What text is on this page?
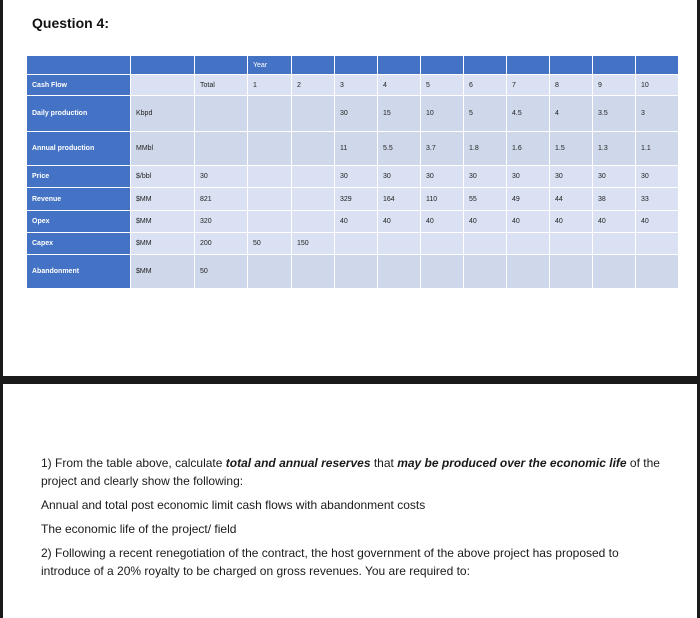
Question 4:
			Year									
Cash Flow		Total	1	2	3	4	5	6	7	8	9	10
Daily production	Kbpd				30	15	10	5	4.5	4	3.5	3
Annual production	MMbl				11	5.5	3.7	1.8	1.6	1.5	1.3	1.1
Price	$/bbl	30			30	30	30	30	30	30	30	30
Revenue	$MM	821			329	164	110	55	49	44	38	33
Opex	$MM	320			40	40	40	40	40	40	40	40
Capex	$MM	200	50	150								
Abandonment	$MM	50										

1) From the table above, calculate total and annual reserves that may be produced over the economic life of the project and clearly show the following:

Annual and total post economic limit cash flows with abandonment costs

The economic life of the project/ field

2) Following a recent renegotiation of the contract, the host government of the above project has proposed to introduce of a 20% royalty to be charged on gross revenues. You are required to:
